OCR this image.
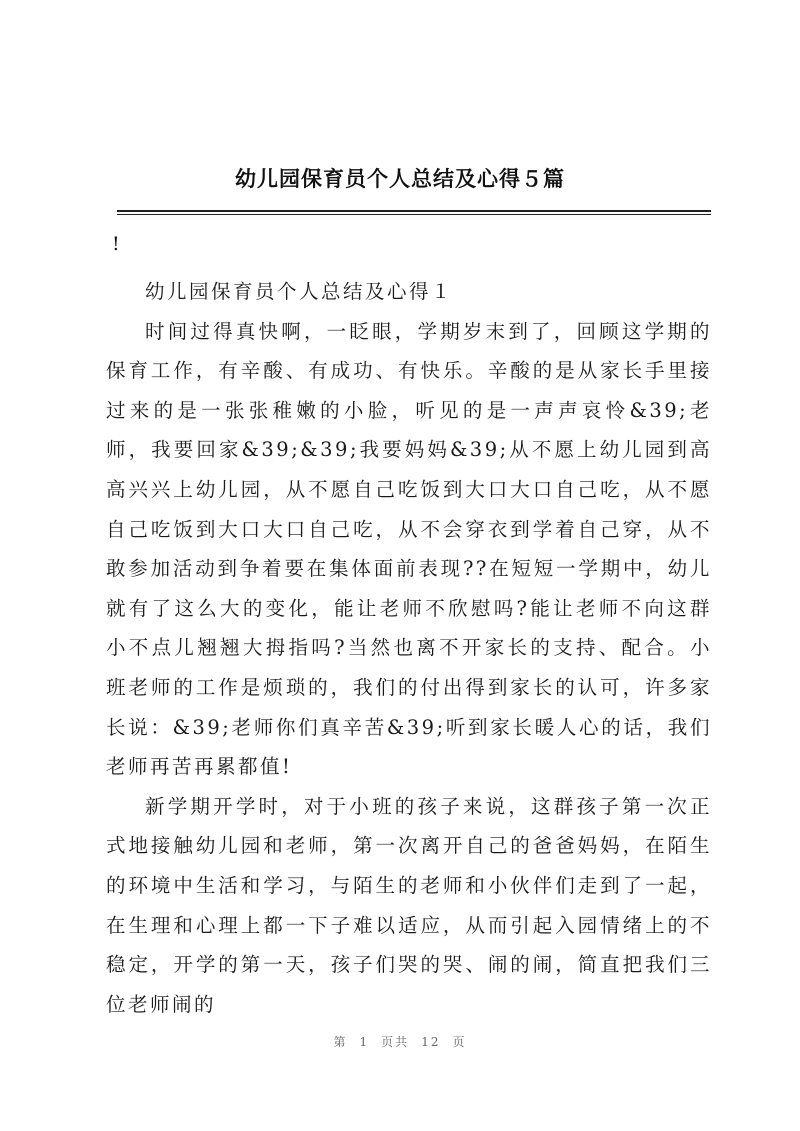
幼儿园保育员个人总结及心得５篇
!

幼儿园保育员个人总结及心得１

时间过得真快啊，一眨眼，学期岁末到了，回顾这学期的保育工作，有辛酸、有成功、有快乐。辛酸的是从家长手里接过来的是一张张稚嫩的小脸，听见的是一声声哀怜&39;老师，我要回家&39;&39;我要妈妈&39;从不愿上幼儿园到高高兴兴上幼儿园，从不愿自己吃饭到大口大口自己吃，从不愿自己吃饭到大口大口自己吃，从不会穿衣到学着自己穿，从不敢参加活动到争着要在集体面前表现??在短短一学期中，幼儿就有了这么大的变化，能让老师不欣慰吗?能让老师不向这群小不点儿翘翘大拇指吗?当然也离不开家长的支持、配合。小班老师的工作是烦琐的，我们的付出得到家长的认可，许多家长说：&39;老师你们真辛苦&39;听到家长暖人心的话，我们老师再苦再累都值!

新学期开学时，对于小班的孩子来说，这群孩子第一次正式地接触幼儿园和老师，第一次离开自己的爸爸妈妈，在陌生的环境中生活和学习，与陌生的老师和小伙伴们走到了一起，在生理和心理上都一下子难以适应，从而引起入园情绪上的不稳定，开学的第一天，孩子们哭的哭、闹的闹，简直把我们三位老师闹的

第 1 页共 12 页
